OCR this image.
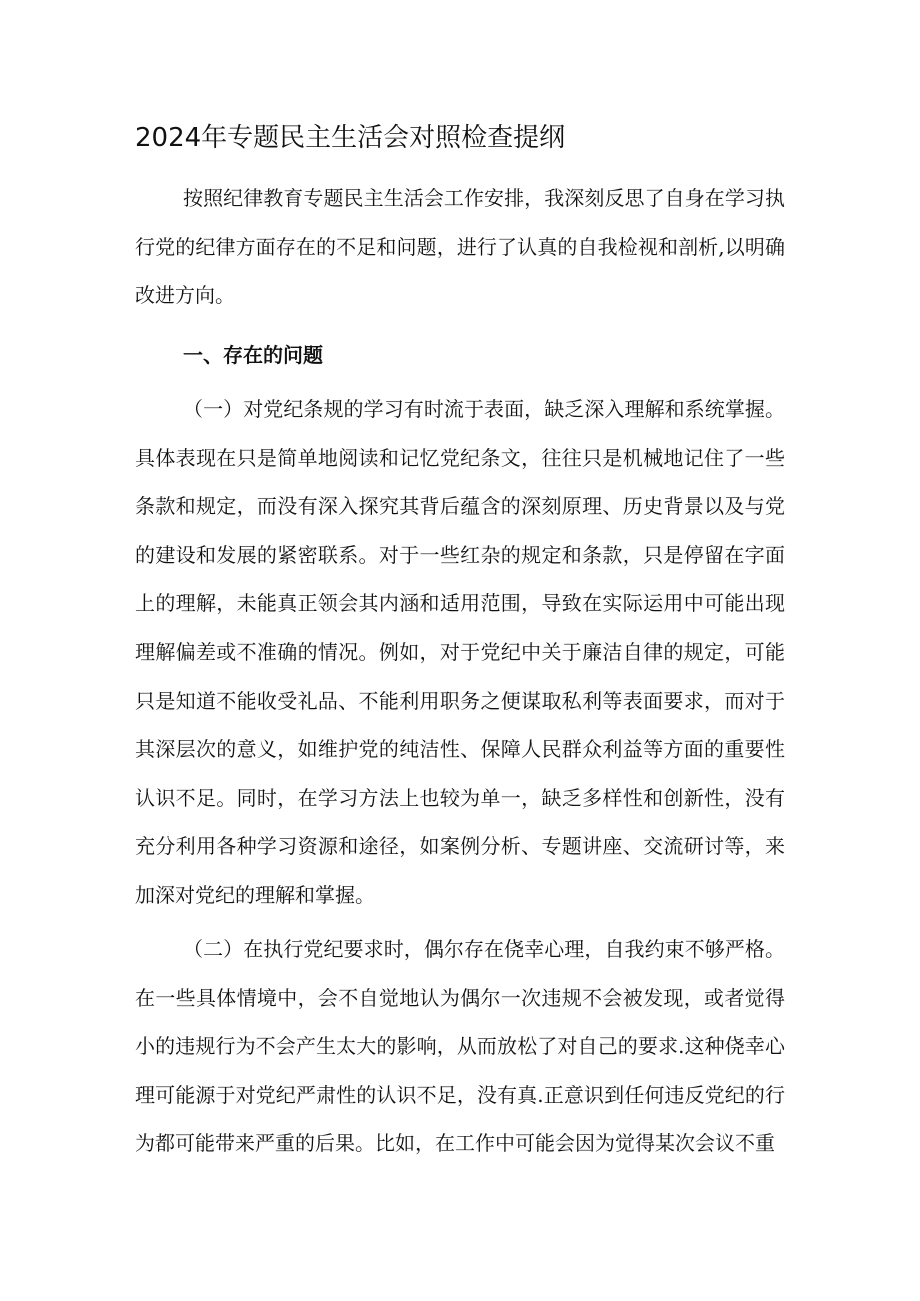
2024年专题民主生活会对照检查提纲

按照纪律教育专题民主生活会工作安排，我深刻反思了自身在学习执行党的纪律方面存在的不足和问题，进行了认真的自我检视和剖析,以明确改进方向。

一、存在的问题

（一）对党纪条规的学习有时流于表面，缺乏深入理解和系统掌握。具体表现在只是简单地阅读和记忆党纪条文，往往只是机械地记住了一些条款和规定，而没有深入探究其背后蕴含的深刻原理、历史背景以及与党的建设和发展的紧密联系。对于一些红杂的规定和条款，只是停留在字面上的理解，未能真正领会其内涵和适用范围，导致在实际运用中可能出现理解偏差或不准确的情况。例如，对于党纪中关于廉洁自律的规定，可能只是知道不能收受礼品、不能利用职务之便谋取私利等表面要求，而对于其深层次的意义，如维护党的纯洁性、保障人民群众利益等方面的重要性认识不足。同时，在学习方法上也较为单一，缺乏多样性和创新性，没有充分利用各种学习资源和途径，如案例分析、专题讲座、交流研讨等，来加深对党纪的理解和掌握。

（二）在执行党纪要求时，偶尔存在侥幸心理，自我约束不够严格。在一些具体情境中，会不自觉地认为偶尔一次违规不会被发现，或者觉得小的违规行为不会产生太大的影响，从而放松了对自己的要求.这种侥幸心理可能源于对党纪严肃性的认识不足，没有真.正意识到任何违反党纪的行为都可能带来严重的后果。比如，在工作中可能会因为觉得某次会议不重
